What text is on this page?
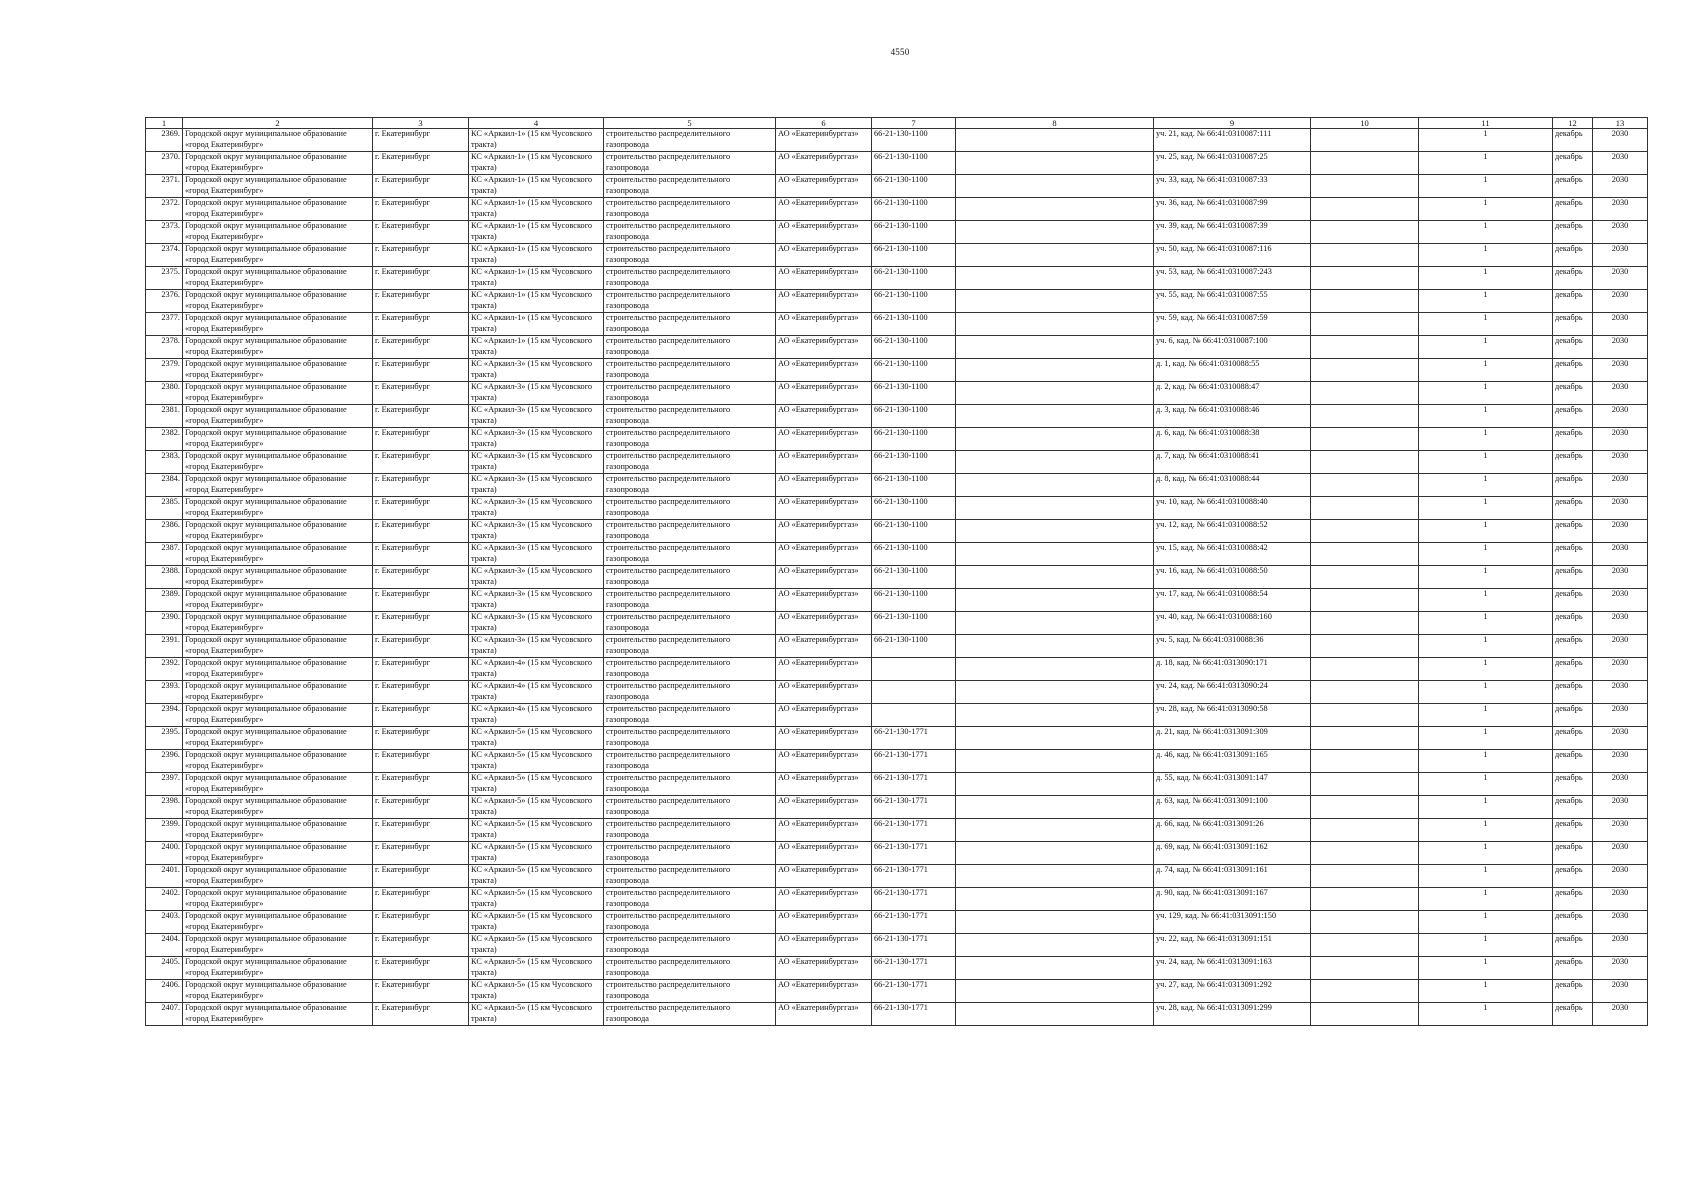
4550
1	2	3	4	5	6	7	8	9	10	11	12	13
2369.	Городской округ муниципальное образование «город Екатеринбург»	г. Екатеринбург	КС «Аркаил-1» (15 км Чусовского тракта)	строительство распределительного газопровода	АО «Екатеринбурггаз»	66-21-130-1100		уч. 21, кад. № 66:41:0310087:111		1	декабрь	2030
2370.	Городской округ муниципальное образование «город Екатеринбург»	г. Екатеринбург	КС «Аркаил-1» (15 км Чусовского тракта)	строительство распределительного газопровода	АО «Екатеринбурггаз»	66-21-130-1100		уч. 25, кад. № 66:41:0310087:25		1	декабрь	2030
2371.	Городской округ муниципальное образование «город Екатеринбург»	г. Екатеринбург	КС «Аркаил-1» (15 км Чусовского тракта)	строительство распределительного газопровода	АО «Екатеринбурггаз»	66-21-130-1100		уч. 33, кад. № 66:41:0310087:33		1	декабрь	2030
2372.	Городской округ муниципальное образование «город Екатеринбург»	г. Екатеринбург	КС «Аркаил-1» (15 км Чусовского тракта)	строительство распределительного газопровода	АО «Екатеринбурггаз»	66-21-130-1100		уч. 36, кад. № 66:41:0310087:99		1	декабрь	2030
2373.	Городской округ муниципальное образование «город Екатеринбург»	г. Екатеринбург	КС «Аркаил-1» (15 км Чусовского тракта)	строительство распределительного газопровода	АО «Екатеринбурггаз»	66-21-130-1100		уч. 39, кад. № 66:41:0310087:39		1	декабрь	2030
2374.	Городской округ муниципальное образование «город Екатеринбург»	г. Екатеринбург	КС «Аркаил-1» (15 км Чусовского тракта)	строительство распределительного газопровода	АО «Екатеринбурггаз»	66-21-130-1100		уч. 50, кад. № 66:41:0310087:116		1	декабрь	2030
2375.	Городской округ муниципальное образование «город Екатеринбург»	г. Екатеринбург	КС «Аркаил-1» (15 км Чусовского тракта)	строительство распределительного газопровода	АО «Екатеринбурггаз»	66-21-130-1100		уч. 53, кад. № 66:41:0310087:243		1	декабрь	2030
2376.	Городской округ муниципальное образование «город Екатеринбург»	г. Екатеринбург	КС «Аркаил-1» (15 км Чусовского тракта)	строительство распределительного газопровода	АО «Екатеринбурггаз»	66-21-130-1100		уч. 55, кад. № 66:41:0310087:55		1	декабрь	2030
2377.	Городской округ муниципальное образование «город Екатеринбург»	г. Екатеринбург	КС «Аркаил-1» (15 км Чусовского тракта)	строительство распределительного газопровода	АО «Екатеринбурггаз»	66-21-130-1100		уч. 59, кад. № 66:41:0310087:59		1	декабрь	2030
2378.	Городской округ муниципальное образование «город Екатеринбург»	г. Екатеринбург	КС «Аркаил-1» (15 км Чусовского тракта)	строительство распределительного газопровода	АО «Екатеринбурггаз»	66-21-130-1100		уч. 6, кад. № 66:41:0310087:100		1	декабрь	2030
2379.	Городской округ муниципальное образование «город Екатеринбург»	г. Екатеринбург	КС «Аркаил-3» (15 км Чусовского тракта)	строительство распределительного газопровода	АО «Екатеринбурггаз»	66-21-130-1100		д. 1, кад. № 66:41:0310088:55		1	декабрь	2030
2380.	Городской округ муниципальное образование «город Екатеринбург»	г. Екатеринбург	КС «Аркаил-3» (15 км Чусовского тракта)	строительство распределительного газопровода	АО «Екатеринбурггаз»	66-21-130-1100		д. 2, кад. № 66:41:0310088:47		1	декабрь	2030
2381.	Городской округ муниципальное образование «город Екатеринбург»	г. Екатеринбург	КС «Аркаил-3» (15 км Чусовского тракта)	строительство распределительного газопровода	АО «Екатеринбурггаз»	66-21-130-1100		д. 3, кад. № 66:41:0310088:46		1	декабрь	2030
2382.	Городской округ муниципальное образование «город Екатеринбург»	г. Екатеринбург	КС «Аркаил-3» (15 км Чусовского тракта)	строительство распределительного газопровода	АО «Екатеринбурггаз»	66-21-130-1100		д. 6, кад. № 66:41:0310088:38		1	декабрь	2030
2383.	Городской округ муниципальное образование «город Екатеринбург»	г. Екатеринбург	КС «Аркаил-3» (15 км Чусовского тракта)	строительство распределительного газопровода	АО «Екатеринбурггаз»	66-21-130-1100		д. 7, кад. № 66:41:0310088:41		1	декабрь	2030
2384.	Городской округ муниципальное образование «город Екатеринбург»	г. Екатеринбург	КС «Аркаил-3» (15 км Чусовского тракта)	строительство распределительного газопровода	АО «Екатеринбурггаз»	66-21-130-1100		д. 8, кад. № 66:41:0310088:44		1	декабрь	2030
2385.	Городской округ муниципальное образование «город Екатеринбург»	г. Екатеринбург	КС «Аркаил-3» (15 км Чусовского тракта)	строительство распределительного газопровода	АО «Екатеринбурггаз»	66-21-130-1100		уч. 10, кад. № 66:41:0310088:40		1	декабрь	2030
2386.	Городской округ муниципальное образование «город Екатеринбург»	г. Екатеринбург	КС «Аркаил-3» (15 км Чусовского тракта)	строительство распределительного газопровода	АО «Екатеринбурггаз»	66-21-130-1100		уч. 12, кад. № 66:41:0310088:52		1	декабрь	2030
2387.	Городской округ муниципальное образование «город Екатеринбург»	г. Екатеринбург	КС «Аркаил-3» (15 км Чусовского тракта)	строительство распределительного газопровода	АО «Екатеринбурггаз»	66-21-130-1100		уч. 15, кад. № 66:41:0310088:42		1	декабрь	2030
2388.	Городской округ муниципальное образование «город Екатеринбург»	г. Екатеринбург	КС «Аркаил-3» (15 км Чусовского тракта)	строительство распределительного газопровода	АО «Екатеринбурггаз»	66-21-130-1100		уч. 16, кад. № 66:41:0310088:50		1	декабрь	2030
2389.	Городской округ муниципальное образование «город Екатеринбург»	г. Екатеринбург	КС «Аркаил-3» (15 км Чусовского тракта)	строительство распределительного газопровода	АО «Екатеринбурггаз»	66-21-130-1100		уч. 17, кад. № 66:41:0310088:54		1	декабрь	2030
2390.	Городской округ муниципальное образование «город Екатеринбург»	г. Екатеринбург	КС «Аркаил-3» (15 км Чусовского тракта)	строительство распределительного газопровода	АО «Екатеринбурггаз»	66-21-130-1100		уч. 40, кад. № 66:41:0310088:160		1	декабрь	2030
2391.	Городской округ муниципальное образование «город Екатеринбург»	г. Екатеринбург	КС «Аркаил-3» (15 км Чусовского тракта)	строительство распределительного газопровода	АО «Екатеринбурггаз»	66-21-130-1100		уч. 5, кад. № 66:41:0310088:36		1	декабрь	2030
2392.	Городской округ муниципальное образование «город Екатеринбург»	г. Екатеринбург	КС «Аркаил-4» (15 км Чусовского тракта)	строительство распределительного газопровода	АО «Екатеринбурггаз»			д. 18, кад. № 66:41:0313090:171		1	декабрь	2030
2393.	Городской округ муниципальное образование «город Екатеринбург»	г. Екатеринбург	КС «Аркаил-4» (15 км Чусовского тракта)	строительство распределительного газопровода	АО «Екатеринбурггаз»			уч. 24, кад. № 66:41:0313090:24		1	декабрь	2030
2394.	Городской округ муниципальное образование «город Екатеринбург»	г. Екатеринбург	КС «Аркаил-4» (15 км Чусовского тракта)	строительство распределительного газопровода	АО «Екатеринбурггаз»			уч. 28, кад. № 66:41:0313090:58		1	декабрь	2030
2395.	Городской округ муниципальное образование «город Екатеринбург»	г. Екатеринбург	КС «Аркаил-5» (15 км Чусовского тракта)	строительство распределительного газопровода	АО «Екатеринбурггаз»	66-21-130-1771		д. 21, кад. № 66:41:0313091:309		1	декабрь	2030
2396.	Городской округ муниципальное образование «город Екатеринбург»	г. Екатеринбург	КС «Аркаил-5» (15 км Чусовского тракта)	строительство распределительного газопровода	АО «Екатеринбурггаз»	66-21-130-1771		д. 46, кад. № 66:41:0313091:165		1	декабрь	2030
2397.	Городской округ муниципальное образование «город Екатеринбург»	г. Екатеринбург	КС «Аркаил-5» (15 км Чусовского тракта)	строительство распределительного газопровода	АО «Екатеринбурггаз»	66-21-130-1771		д. 55, кад. № 66:41:0313091:147		1	декабрь	2030
2398.	Городской округ муниципальное образование «город Екатеринбург»	г. Екатеринбург	КС «Аркаил-5» (15 км Чусовского тракта)	строительство распределительного газопровода	АО «Екатеринбурггаз»	66-21-130-1771		д. 63, кад. № 66:41:0313091:100		1	декабрь	2030
2399.	Городской округ муниципальное образование «город Екатеринбург»	г. Екатеринбург	КС «Аркаил-5» (15 км Чусовского тракта)	строительство распределительного газопровода	АО «Екатеринбурггаз»	66-21-130-1771		д. 66, кад. № 66:41:0313091:26		1	декабрь	2030
2400.	Городской округ муниципальное образование «город Екатеринбург»	г. Екатеринбург	КС «Аркаил-5» (15 км Чусовского тракта)	строительство распределительного газопровода	АО «Екатеринбурггаз»	66-21-130-1771		д. 69, кад. № 66:41:0313091:162		1	декабрь	2030
2401.	Городской округ муниципальное образование «город Екатеринбург»	г. Екатеринбург	КС «Аркаил-5» (15 км Чусовского тракта)	строительство распределительного газопровода	АО «Екатеринбурггаз»	66-21-130-1771		д. 74, кад. № 66:41:0313091:161		1	декабрь	2030
2402.	Городской округ муниципальное образование «город Екатеринбург»	г. Екатеринбург	КС «Аркаил-5» (15 км Чусовского тракта)	строительство распределительного газопровода	АО «Екатеринбурггаз»	66-21-130-1771		д. 90, кад. № 66:41:0313091:167		1	декабрь	2030
2403.	Городской округ муниципальное образование «город Екатеринбург»	г. Екатеринбург	КС «Аркаил-5» (15 км Чусовского тракта)	строительство распределительного газопровода	АО «Екатеринбурггаз»	66-21-130-1771		уч. 129, кад. № 66:41:0313091:150		1	декабрь	2030
2404.	Городской округ муниципальное образование «город Екатеринбург»	г. Екатеринбург	КС «Аркаил-5» (15 км Чусовского тракта)	строительство распределительного газопровода	АО «Екатеринбурггаз»	66-21-130-1771		уч. 22, кад. № 66:41:0313091:151		1	декабрь	2030
2405.	Городской округ муниципальное образование «город Екатеринбург»	г. Екатеринбург	КС «Аркаил-5» (15 км Чусовского тракта)	строительство распределительного газопровода	АО «Екатеринбурггаз»	66-21-130-1771		уч. 24, кад. № 66:41:0313091:163		1	декабрь	2030
2406.	Городской округ муниципальное образование «город Екатеринбург»	г. Екатеринбург	КС «Аркаил-5» (15 км Чусовского тракта)	строительство распределительного газопровода	АО «Екатеринбурггаз»	66-21-130-1771		уч. 27, кад. № 66:41:0313091:292		1	декабрь	2030
2407.	Городской округ муниципальное образование «город Екатеринбург»	г. Екатеринбург	КС «Аркаил-5» (15 км Чусовского тракта)	строительство распределительного газопровода	АО «Екатеринбурггаз»	66-21-130-1771		уч. 28, кад. № 66:41:0313091:299		1	декабрь	2030
